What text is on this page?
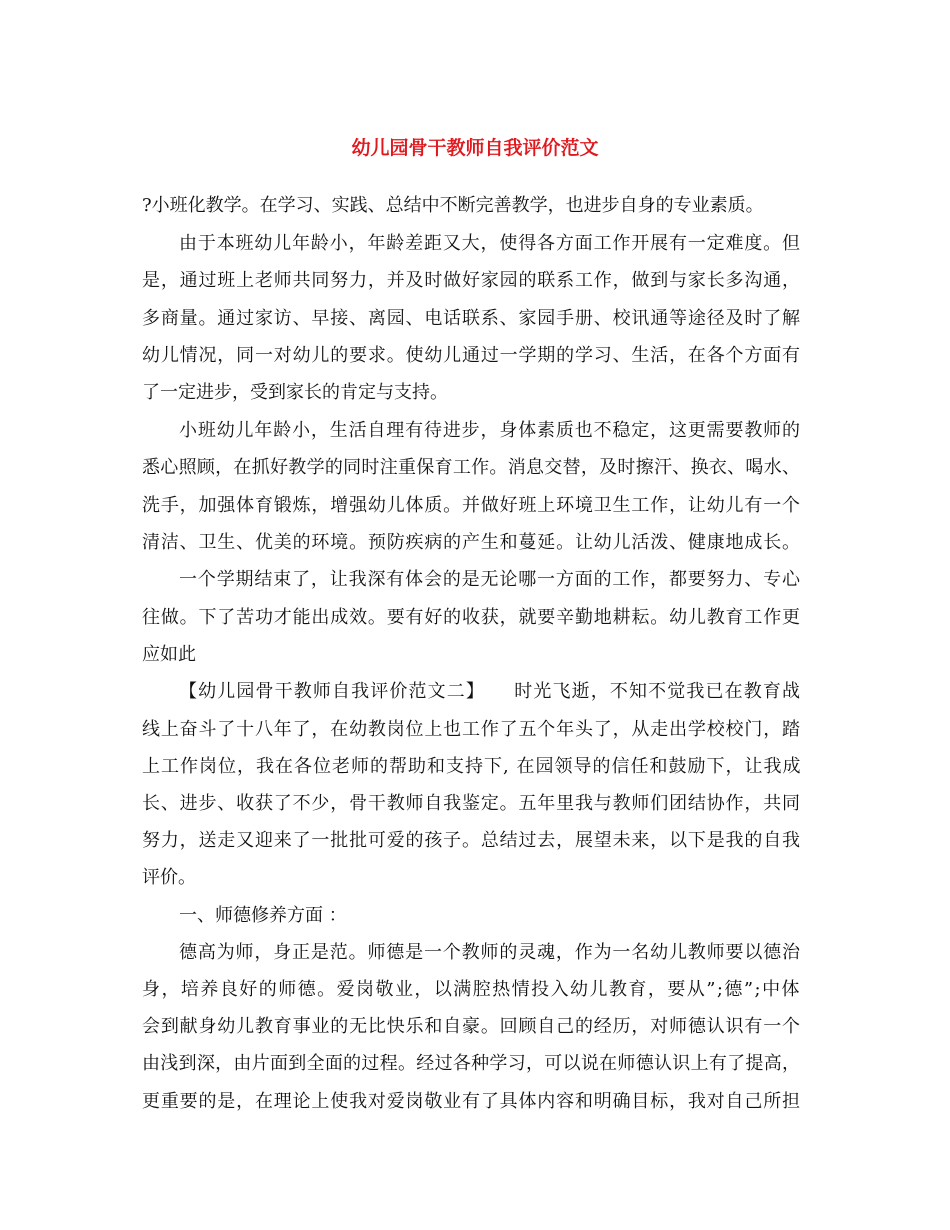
幼儿园骨干教师自我评价范文
?小班化教学。在学习、实践、总结中不断完善教学，也进步自身的专业素质。
由于本班幼儿年龄小，年龄差距又大，使得各方面工作开展有一定难度。但
是，通过班上老师共同努力，并及时做好家园的联系工作，做到与家长多沟通，
多商量。通过家访、早接、离园、电话联系、家园手册、校讯通等途径及时了解
幼儿情况，同一对幼儿的要求。使幼儿通过一学期的学习、生活，在各个方面有
了一定进步，受到家长的肯定与支持。
小班幼儿年龄小，生活自理有待进步，身体素质也不稳定，这更需要教师的
悉心照顾，在抓好教学的同时注重保育工作。消息交替，及时擦汗、换衣、喝水、
洗手，加强体育锻炼，增强幼儿体质。并做好班上环境卫生工作，让幼儿有一个
清洁、卫生、优美的环境。预防疾病的产生和蔓延。让幼儿活泼、健康地成长。
一个学期结束了，让我深有体会的是无论哪一方面的工作，都要努力、专心
往做。下了苦功才能出成效。要有好的收获，就要辛勤地耕耘。幼儿教育工作更
应如此
【幼儿园骨干教师自我评价范文二】　　时光飞逝，不知不觉我已在教育战
线上奋斗了十八年了，在幼教岗位上也工作了五个年头了，从走出学校校门，踏
上工作岗位，我在各位老师的帮助和支持下, 在园领导的信任和鼓励下，让我成
长、进步、收获了不少，骨干教师自我鉴定。五年里我与教师们团结协作，共同
努力，送走又迎来了一批批可爱的孩子。总结过去，展望未来，以下是我的自我
评价。
一、师德修养方面 ：
德高为师，身正是范。师德是一个教师的灵魂，作为一名幼儿教师要以德治
身，培养良好的师德。爱岗敬业，以满腔热情投入幼儿教育，要从”;德”;中体
会到献身幼儿教育事业的无比快乐和自豪。回顾自己的经历，对师德认识有一个
由浅到深，由片面到全面的过程。经过各种学习，可以说在师德认识上有了提高，
更重要的是，在理论上使我对爱岗敬业有了具体内容和明确目标，我对自己所担
